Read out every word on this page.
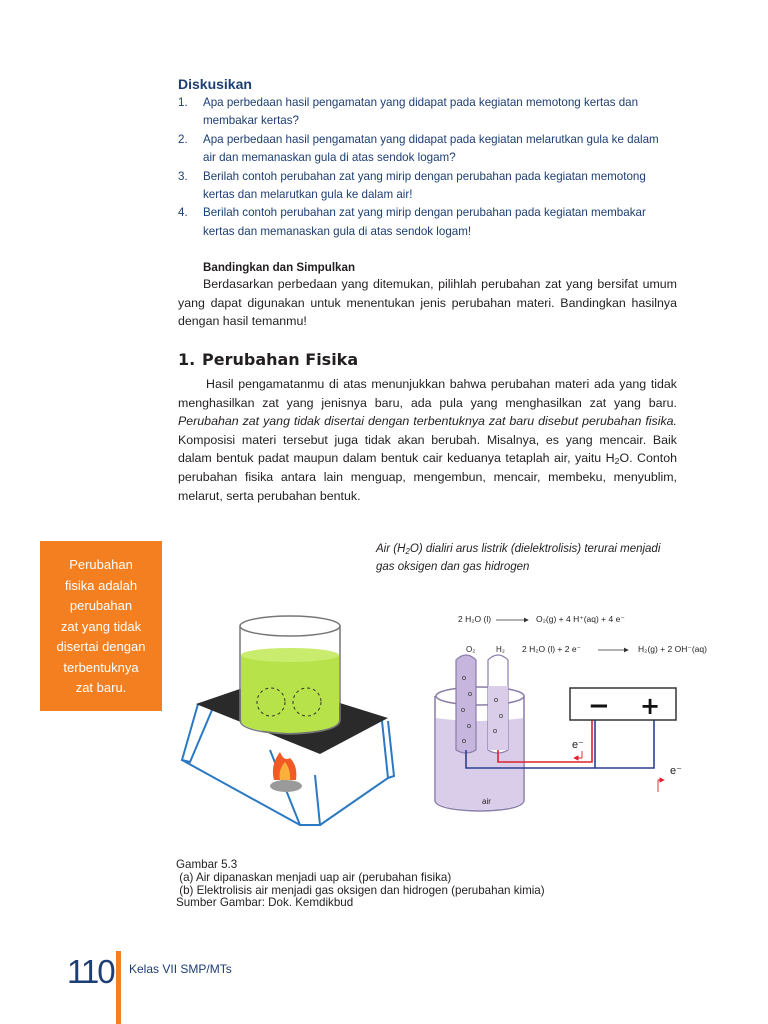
Diskusikan
1. Apa perbedaan hasil pengamatan yang didapat pada kegiatan memotong kertas dan
membakar kertas?
2. Apa perbedaan hasil pengamatan yang didapat pada kegiatan melarutkan gula ke dalam
air dan memanaskan gula di atas sendok logam?
3. Berilah contoh perubahan zat yang mirip dengan perubahan pada kegiatan memotong
kertas dan melarutkan gula ke dalam air!
4. Berilah contoh perubahan zat yang mirip dengan perubahan pada kegiatan membakar
kertas dan memanaskan gula di atas sendok logam!
Bandingkan dan Simpulkan
Berdasarkan perbedaan yang ditemukan, pilihlah perubahan zat yang bersifat umum yang dapat digunakan untuk menentukan jenis perubahan materi. Bandingkan hasilnya dengan hasil temanmu!
1. Perubahan Fisika
Hasil pengamatanmu di atas menunjukkan bahwa perubahan materi ada yang tidak menghasilkan zat yang jenisnya baru, ada pula yang menghasilkan zat yang baru. Perubahan zat yang tidak disertai dengan terbentuknya zat baru disebut perubahan fisika. Komposisi materi tersebut juga tidak akan berubah. Misalnya, es yang mencair. Baik dalam bentuk padat maupun dalam bentuk cair keduanya tetaplah air, yaitu $H_2O$. Contoh perubahan fisika antara lain menguap, mengembun, mencair, membeku, menyublim, melarut, serta perubahan bentuk.
Perubahan
fisika adalah
perubahan
zat yang tidak
disertai dengan
terbentuknya
zat baru.
Air $(H_2O)$ dialiri arus listrik (dielektrolisis) terurai menjadi
gas oksigen dan gas hidrogen
2 H₂O (l)	O₂(g) + 4 H⁺(aq) + 4 e⁻
O₂	H₂ 2 H₂O (l) + 2 e⁻	H₂(g) + 2 OH⁻(aq)
air
− +
e⁻
e⁻
Gambar 5.3
(a) Air dipanaskan menjadi uap air (perubahan fisika)
(b) Elektrolisis air menjadi gas oksigen dan hidrogen (perubahan kimia)
Sumber Gambar: Dok. Kemdikbud
110 Kelas VII SMP/MTs
